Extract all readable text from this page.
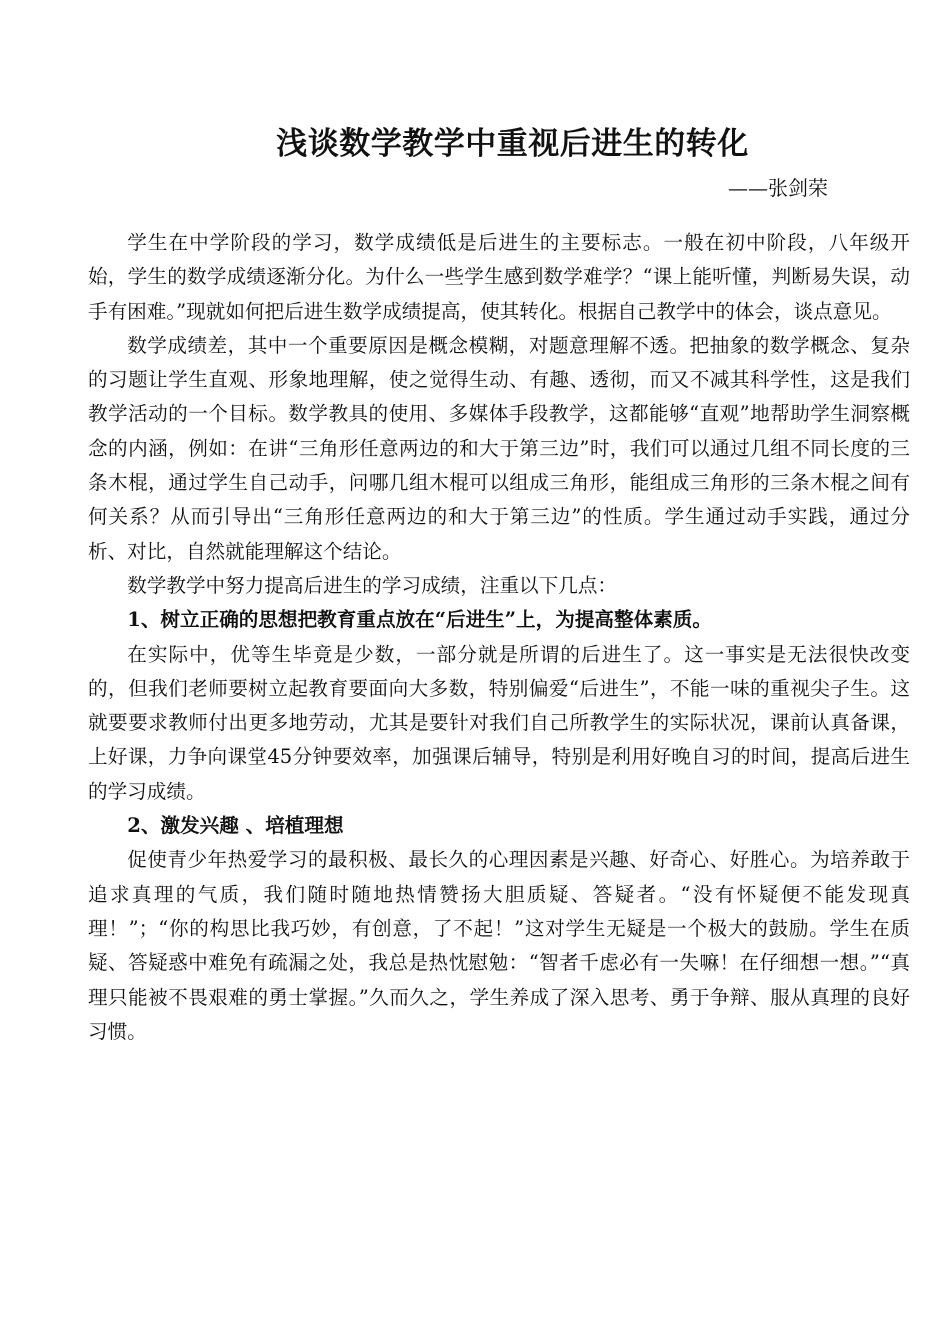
浅谈数学教学中重视后进生的转化
——张剑荣

学生在中学阶段的学习，数学成绩低是后进生的主要标志。一般在初中阶段，八年级开始，学生的数学成绩逐渐分化。为什么一些学生感到数学难学？“课上能听懂，判断易失误，动手有困难。”现就如何把后进生数学成绩提高，使其转化。根据自己教学中的体会，谈点意见。

数学成绩差，其中一个重要原因是概念模糊，对题意理解不透。把抽象的数学概念、复杂的习题让学生直观、形象地理解，使之觉得生动、有趣、透彻，而又不减其科学性，这是我们教学活动的一个目标。数学教具的使用、多媒体手段教学，这都能够“直观”地帮助学生洞察概念的内涵，例如：在讲“三角形任意两边的和大于第三边”时，我们可以通过几组不同长度的三条木棍，通过学生自己动手，问哪几组木棍可以组成三角形，能组成三角形的三条木棍之间有何关系？从而引导出“三角形任意两边的和大于第三边”的性质。学生通过动手实践，通过分析、对比，自然就能理解这个结论。

数学教学中努力提高后进生的学习成绩，注重以下几点：

1、树立正确的思想把教育重点放在“后进生”上，为提高整体素质。

在实际中，优等生毕竟是少数，一部分就是所谓的后进生了。这一事实是无法很快改变的，但我们老师要树立起教育要面向大多数，特别偏爱“后进生”，不能一味的重视尖子生。这就要要求教师付出更多地劳动，尤其是要针对我们自己所教学生的实际状况，课前认真备课，上好课，力争向课堂45分钟要效率，加强课后辅导，特别是利用好晚自习的时间，提高后进生的学习成绩。

2、激发兴趣 、培植理想

促使青少年热爱学习的最积极、最长久的心理因素是兴趣、好奇心、好胜心。为培养敢于追求真理的气质，我们随时随地热情赞扬大胆质疑、答疑者。“没有怀疑便不能发现真理！”；“你的构思比我巧妙，有创意，了不起！”这对学生无疑是一个极大的鼓励。学生在质疑、答疑惑中难免有疏漏之处，我总是热忱慰勉：“智者千虑必有一失嘛！在仔细想一想。”“真理只能被不畏艰难的勇士掌握。”久而久之，学生养成了深入思考、勇于争辩、服从真理的良好习惯。
